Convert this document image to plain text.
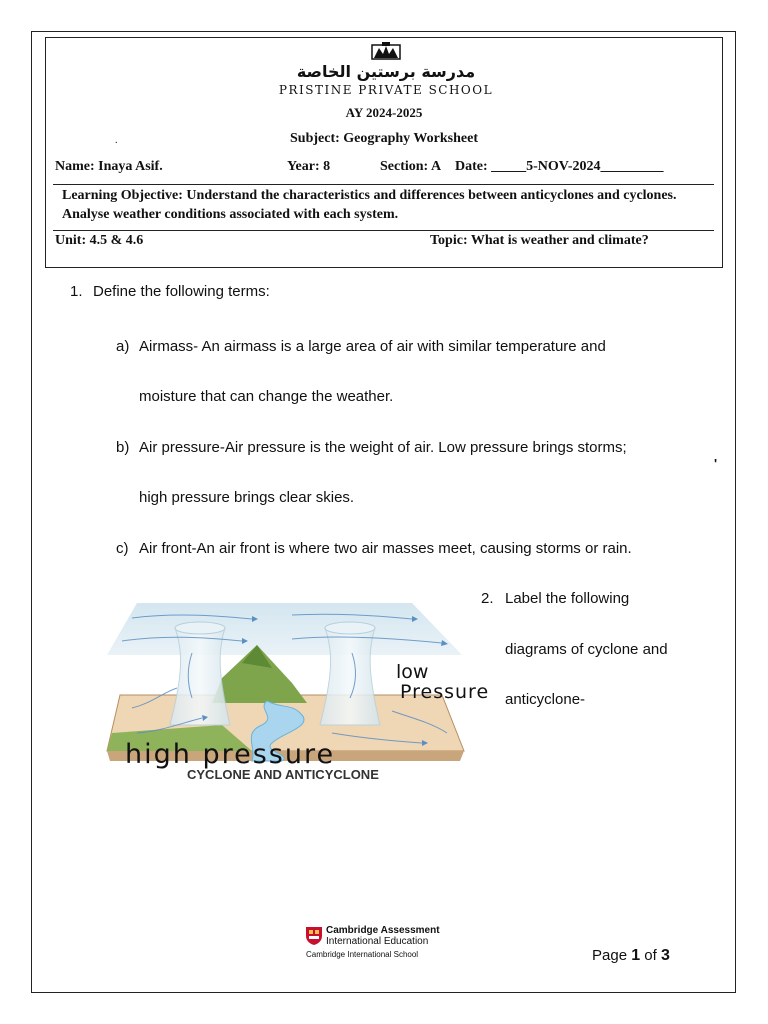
مدرسة برستين الخاصة
PRISTINE PRIVATE SCHOOL
AY 2024-2025
.	Subject: Geography Worksheet
Name: Inaya Asif.	Year: 8	Section: A Date: _____5-NOV-2024_________
Learning Objective: Understand the characteristics and differences between anticyclones and cyclones. Analyse weather conditions associated with each system.
Unit: 4.5 & 4.6	Topic: What is weather and climate?
1. Define the following terms:
a) Airmass- An airmass is a large area of air with similar temperature and
moisture that can change the weather.
b) Air pressure-Air pressure is the weight of air. Low pressure brings storms;
high pressure brings clear skies.
'
c) Air front-An air front is where two air masses meet, causing storms or rain.
2. Label the following
diagrams of cyclone and
anticyclone-
CYCLONE AND ANTICYCLONE
low
Pressure
high pressure
Cambridge Assessment
International Education
Cambridge International School	Page 1 of 3
